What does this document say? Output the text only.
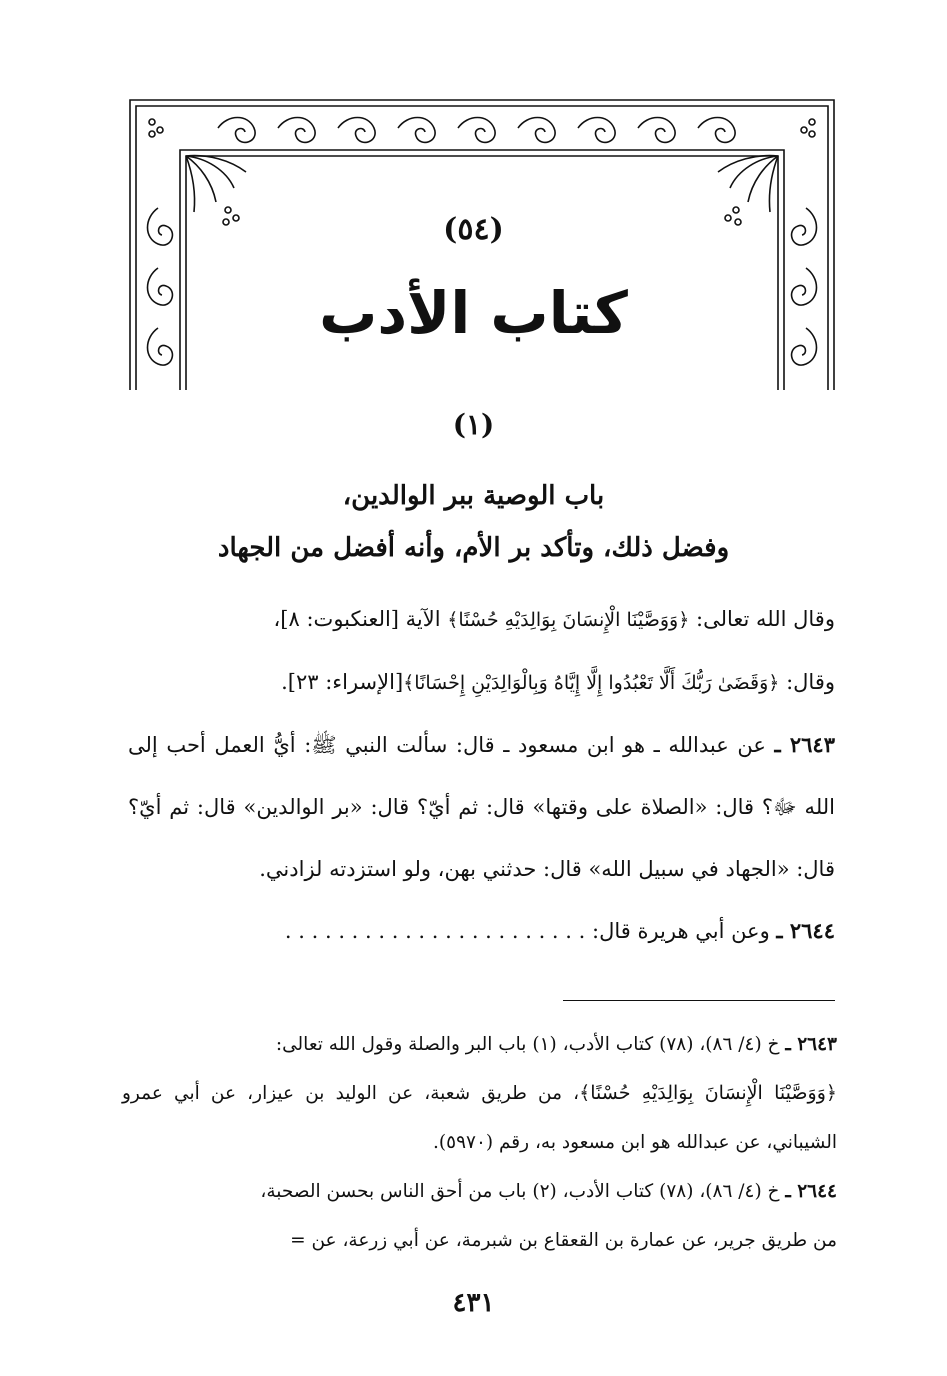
(٥٤)
كتاب الأدب
(١)
باب الوصية ببر الوالدين،
وفضل ذلك، وتأكد بر الأم، وأنه أفضل من الجهاد

وقال الله تعالى: ﴿وَوَصَّيْنَا الْإِنسَانَ بِوَالِدَيْهِ حُسْنًا﴾ الآية [العنكبوت: ٨]،

وقال: ﴿وَقَضَىٰ رَبُّكَ أَلَّا تَعْبُدُوا إِلَّا إِيَّاهُ وَبِالْوَالِدَيْنِ إِحْسَانًا﴾[الإسراء: ٢٣].

٢٦٤٣ ـ عن عبدالله ـ هو ابن مسعود ـ قال: سألت النبي ﷺ: أيُّ العمل أحب إلى الله ﷻ؟ قال: «الصلاة على وقتها» قال: ثم أيّ؟ قال: «بر الوالدين» قال: ثم أيّ؟ قال: «الجهاد في سبيل الله» قال: حدثني بهن، ولو استزدته لزادني.

٢٦٤٤ ـ وعن أبي هريرة قال: . . . . . . . . . . . . . . . . . . . . . . .

٢٦٤٣ ـ خ (٤/ ٨٦)، (٧٨) كتاب الأدب، (١) باب البر والصلة وقول الله تعالى:
﴿وَوَصَّيْنَا الْإِنسَانَ بِوَالِدَيْهِ حُسْنًا﴾، من طريق شعبة، عن الوليد بن عيزار، عن أبي عمرو الشيباني، عن عبدالله هو ابن مسعود به، رقم (٥٩٧٠).

٢٦٤٤ ـ خ (٤/ ٨٦)، (٧٨) كتاب الأدب، (٢) باب من أحق الناس بحسن الصحبة،
من طريق جرير، عن عمارة بن القعقاع بن شبرمة، عن أبي زرعة، عن =

٤٣١
